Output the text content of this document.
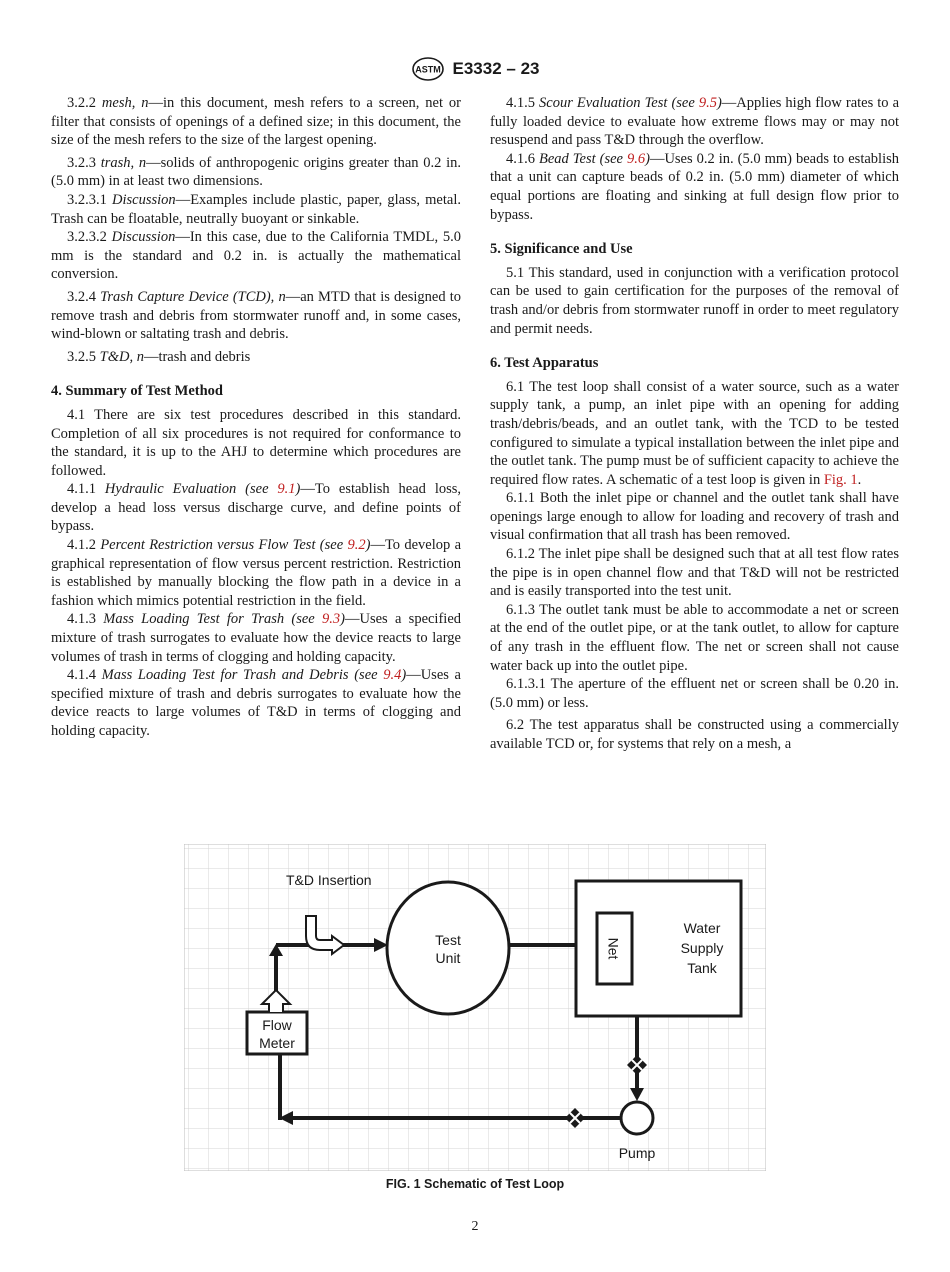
ASTM E3332 – 23
3.2.2 mesh, n—in this document, mesh refers to a screen, net or filter that consists of openings of a defined size; in this document, the size of the mesh refers to the size of the largest opening.
3.2.3 trash, n—solids of anthropogenic origins greater than 0.2 in. (5.0 mm) in at least two dimensions.
3.2.3.1 Discussion—Examples include plastic, paper, glass, metal. Trash can be floatable, neutrally buoyant or sinkable.
3.2.3.2 Discussion—In this case, due to the California TMDL, 5.0 mm is the standard and 0.2 in. is actually the mathematical conversion.
3.2.4 Trash Capture Device (TCD), n—an MTD that is designed to remove trash and debris from stormwater runoff and, in some cases, wind-blown or saltating trash and debris.
3.2.5 T&D, n—trash and debris
4. Summary of Test Method
4.1 There are six test procedures described in this standard. Completion of all six procedures is not required for conformance to the standard, it is up to the AHJ to determine which procedures are followed.
4.1.1 Hydraulic Evaluation (see 9.1)—To establish head loss, develop a head loss versus discharge curve, and define points of bypass.
4.1.2 Percent Restriction versus Flow Test (see 9.2)—To develop a graphical representation of flow versus percent restriction. Restriction is established by manually blocking the flow path in a device in a fashion which mimics potential restriction in the field.
4.1.3 Mass Loading Test for Trash (see 9.3)—Uses a specified mixture of trash surrogates to evaluate how the device reacts to large volumes of trash in terms of clogging and holding capacity.
4.1.4 Mass Loading Test for Trash and Debris (see 9.4)—Uses a specified mixture of trash and debris surrogates to evaluate how the device reacts to large volumes of T&D in terms of clogging and holding capacity.
4.1.5 Scour Evaluation Test (see 9.5)—Applies high flow rates to a fully loaded device to evaluate how extreme flows may or may not resuspend and pass T&D through the overflow.
4.1.6 Bead Test (see 9.6)—Uses 0.2 in. (5.0 mm) beads to establish that a unit can capture beads of 0.2 in. (5.0 mm) diameter of which equal portions are floating and sinking at full design flow prior to bypass.
5. Significance and Use
5.1 This standard, used in conjunction with a verification protocol can be used to gain certification for the purposes of the removal of trash and/or debris from stormwater runoff in order to meet regulatory and permit needs.
6. Test Apparatus
6.1 The test loop shall consist of a water source, such as a water supply tank, a pump, an inlet pipe with an opening for adding trash/debris/beads, and an outlet tank, with the TCD to be tested configured to simulate a typical installation between the inlet pipe and the outlet tank. The pump must be of sufficient capacity to achieve the required flow rates. A schematic of a test loop is given in Fig. 1.
6.1.1 Both the inlet pipe or channel and the outlet tank shall have openings large enough to allow for loading and recovery of trash and visual confirmation that all trash has been removed.
6.1.2 The inlet pipe shall be designed such that at all test flow rates the pipe is in open channel flow and that T&D will not be restricted and is easily transported into the test unit.
6.1.3 The outlet tank must be able to accommodate a net or screen at the end of the outlet pipe, or at the tank outlet, to allow for capture of any trash in the effluent flow. The net or screen shall not cause water back up into the outlet pipe.
6.1.3.1 The aperture of the effluent net or screen shall be 0.20 in. (5.0 mm) or less.
6.2 The test apparatus shall be constructed using a commercially available TCD or, for systems that rely on a mesh, a
T&D Insertion
Test
Unit	Net
Water
Supply
Tank
Pump
Flow
Meter
FIG. 1 Schematic of Test Loop
2
